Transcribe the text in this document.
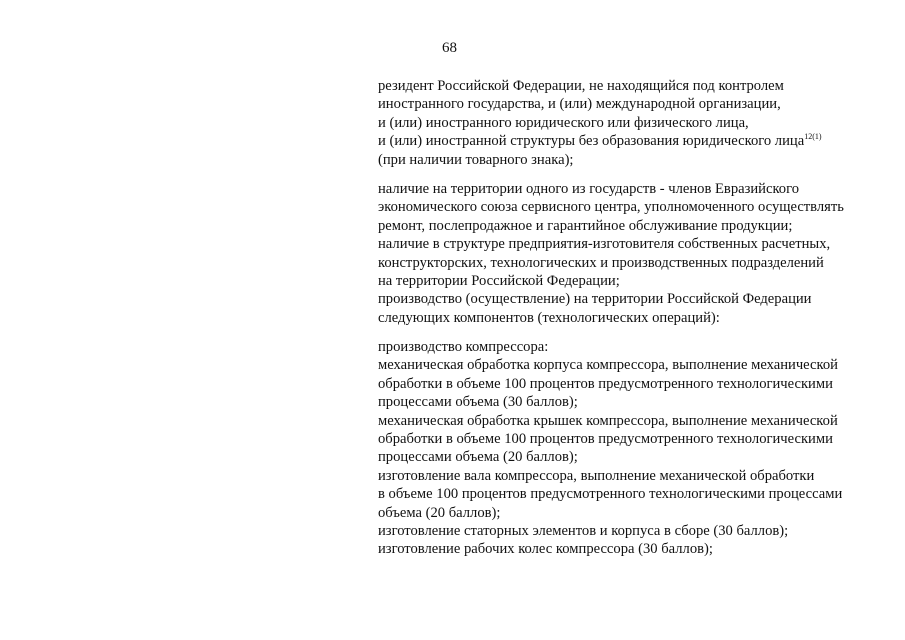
68
резидент Российской Федерации, не находящийся под контролем
иностранного государства, и (или) международной организации,
и (или) иностранного юридического или физического лица,
и (или) иностранной структуры без образования юридического лица$^{12(1)}$
(при наличии товарного знака);
наличие на территории одного из государств - членов Евразийского
экономического союза сервисного центра, уполномоченного осуществлять
ремонт, послепродажное и гарантийное обслуживание продукции;
наличие в структуре предприятия-изготовителя собственных расчетных,
конструкторских, технологических и производственных подразделений
на территории Российской Федерации;
производство (осуществление) на территории Российской Федерации
следующих компонентов (технологических операций):
производство компрессора:
механическая обработка корпуса компрессора, выполнение механической
обработки в объеме 100 процентов предусмотренного технологическими
процессами объема (30 баллов);
механическая обработка крышек компрессора, выполнение механической
обработки в объеме 100 процентов предусмотренного технологическими
процессами объема (20 баллов);
изготовление вала компрессора, выполнение механической обработки
в объеме 100 процентов предусмотренного технологическими процессами
объема (20 баллов);
изготовление статорных элементов и корпуса в сборе (30 баллов);
изготовление рабочих колес компрессора (30 баллов);
